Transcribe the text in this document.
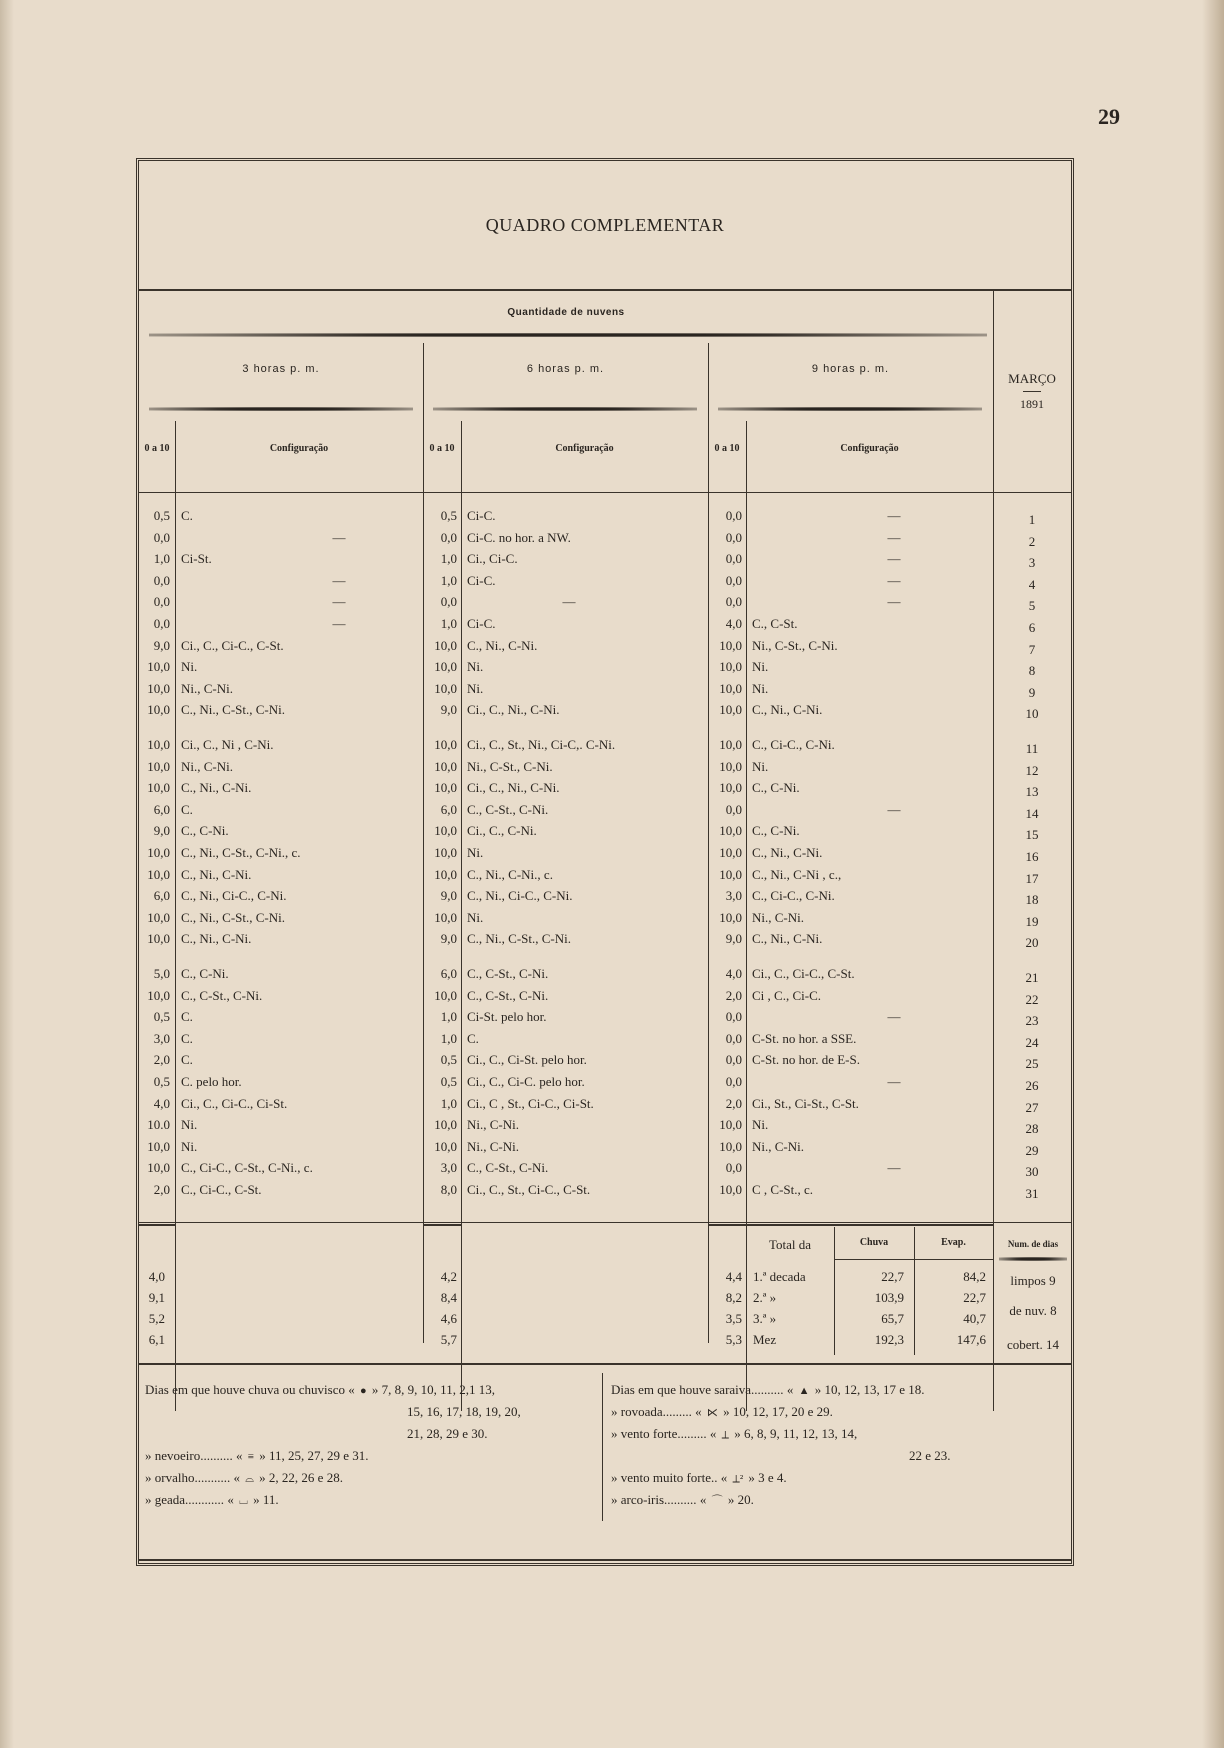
29
QUADRO COMPLEMENTAR
Quantidade de nuvens
3 horas p. m.	6 horas p. m.	9 horas p. m.
MARÇO
1891
0 a 10	Configuração	0 a 10	Configuração	0 a 10	Configuração
0,5 C.	0,5 Ci-C.	0,0	—	1
0,0	—	0,0 Ci-C. no hor. a NW.	0,0	—	2
1,0 Ci-St.	1,0 Ci., Ci-C.	0,0	—	3
0,0	—	1,0 Ci-C.	0,0	—	4
0,0	—	0,0	—	0,0	—	5
0,0	—	1,0 Ci-C.	4,0 C., C-St.	6
9,0 Ci., C., Ci-C., C-St.	10,0 C., Ni., C-Ni.	10,0 Ni., C-St., C-Ni.	7
10,0 Ni.	10,0 Ni.	10,0 Ni.	8
10,0 Ni., C-Ni.	10,0 Ni.	10,0 Ni.	9
10,0 C., Ni., C-St., C-Ni.	9,0 Ci., C., Ni., C-Ni.	10,0 C., Ni., C-Ni.	10
10,0 Ci., C., Ni , C-Ni.	10,0 Ci., C., St., Ni., Ci-C,. C-Ni.	10,0 C., Ci-C., C-Ni.	11
10,0 Ni., C-Ni.	10,0 Ni., C-St., C-Ni.	10,0 Ni.	12
10,0 C., Ni., C-Ni.	10,0 Ci., C., Ni., C-Ni.	10,0 C., C-Ni.	13
6,0 C.	6,0 C., C-St., C-Ni.	0,0	—	14
9,0 C., C-Ni.	10,0 Ci., C., C-Ni.	10,0 C., C-Ni.	15
10,0 C., Ni., C-St., C-Ni., c.	10,0 Ni.	10,0 C., Ni., C-Ni.	16
10,0 C., Ni., C-Ni.	10,0 C., Ni., C-Ni., c.	10,0 C., Ni., C-Ni , c.,	17
6,0 C., Ni., Ci-C., C-Ni.	9,0 C., Ni., Ci-C., C-Ni.	3,0 C., Ci-C., C-Ni.	18
10,0 C., Ni., C-St., C-Ni.	10,0 Ni.	10,0 Ni., C-Ni.	19
10,0 C., Ni., C-Ni.	9,0 C., Ni., C-St., C-Ni.	9,0 C., Ni., C-Ni.	20
5,0 C., C-Ni.	6,0 C., C-St., C-Ni.	4,0 Ci., C., Ci-C., C-St.	21
10,0 C., C-St., C-Ni.	10,0 C., C-St., C-Ni.	2,0 Ci , C., Ci-C.	22
0,5 C.	1,0 Ci-St. pelo hor.	0,0	—	23
3,0 C.	1,0 C.	0,0 C-St. no hor. a SSE.	24
2,0 C.	0,5 Ci., C., Ci-St. pelo hor.	0,0 C-St. no hor. de E-S.	25
0,5 C. pelo hor.	0,5 Ci., C., Ci-C. pelo hor.	0,0	—	26
4,0 Ci., C., Ci-C., Ci-St.	1,0 Ci., C , St., Ci-C., Ci-St.	2,0 Ci., St., Ci-St., C-St.	27
10.0 Ni.	10,0 Ni., C-Ni.	10,0 Ni.	28
10,0 Ni.	10,0 Ni., C-Ni.	10,0 Ni., C-Ni.	29
10,0 C., Ci-C., C-St., C-Ni., c.	3,0 C., C-St., C-Ni.	0,0	—	30
2,0 C., Ci-C., C-St.	8,0 Ci., C., St., Ci-C., C-St.	10,0 C , C-St., c.	31
Total da	Chuva	Evap.	Num. de dias
4,0	4,2	4,4 1.ª decada	22,7	84,2
9,1	8,4	8,2 2.ª »	103,9	22,7
5,2	4,6	3,5 3.ª »	65,7	40,7
6,1	5,7	5,3 Mez	192,3	147,6
limpos 9
de nuv. 8
cobert. 14
Dias em que houve chuva ou chuvisco « ● » 7, 8, 9, 10, 11, 2,1 13,
15, 16, 17, 18, 19, 20,
21, 28, 29 e 30.
» nevoeiro.......... « ≡ » 11, 25, 27, 29 e 31.
» orvalho........... « ⌓ » 2, 22, 26 e 28.
» geada............ « ⌴ » 11.
Dias em que houve saraiva.......... « ▲ » 10, 12, 13, 17 e 18.
» rovoada......... « ⋉ » 10, 12, 17, 20 e 29.
» vento forte......... « ⟂ » 6, 8, 9, 11, 12, 13, 14,
22 e 23.
» vento muito forte.. « ⟂² » 3 e 4.
» arco-iris.......... « ⌒ » 20.
